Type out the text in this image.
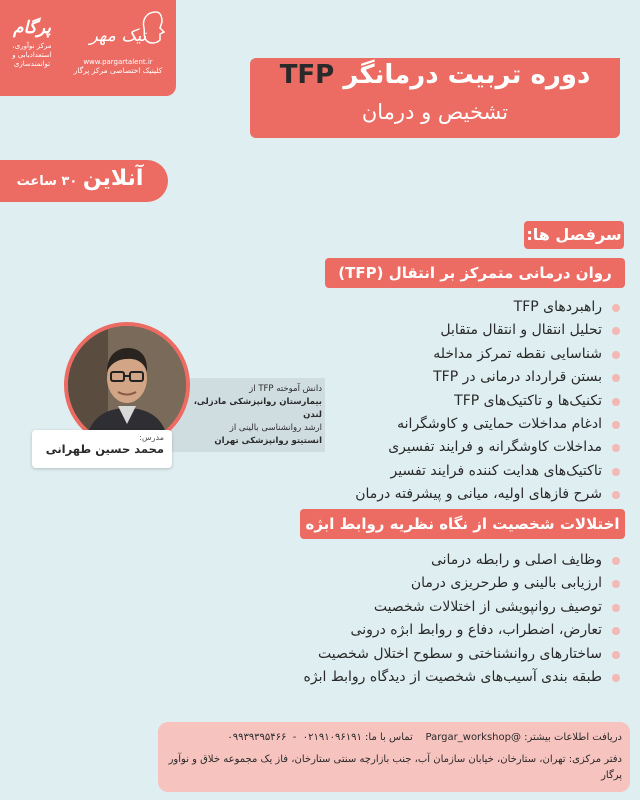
پرگام
مرکز نوآوری، استعدادیابی و توانمندسازی
نیک مهر
www.pargartalent.ir
کلینیک اختصاصی مرکز پرگار	دوره تربیت درمانگر TFP
تشخیص و درمان
آنلاین ۳۰ ساعت
سرفصل ها:
روان درمانی متمرکز بر انتقال (TFP)
راهبردهای TFP
تحلیل انتقال و انتقال متقابل
شناسایی نقطه تمرکز مداخله
بستن قرارداد درمانی در TFP
تکنیک‌ها و تاکتیک‌های TFP
ادغام مداخلات حمایتی و کاوشگرانه
مداخلات کاوشگرانه و فرایند تفسیری
تاکتیک‌های هدایت کننده فرایند تفسیر
شرح فازهای اولیه، میانی و پیشرفته درمان
اختلالات شخصیت از نگاه نظریه روابط ابژه
وظایف اصلی و رابطه درمانی
ارزیابی بالینی و طرحریزی درمان
توصیف روانپویشی از اختلالات شخصیت
تعارض، اضطراب، دفاع و روابط ابژه درونی
ساختارهای روانشناختی و سطوح اختلال شخصیت
طبقه بندی آسیب‌های شخصیت از دیدگاه روابط ابژه
دانش آموخته TFP از
بیمارستان روانپزشکی مادزلی، لندن
ارشد روانشناسی بالینی از
انستیتو روانپزشکی تهران
مدرس:
محمد حسین طهرانی
دریافت اطلاعات بیشتر: @Pargar_workshop    تماس با ما: ۰۲۱۹۱۰۹۶۱۹۱  -  ۰۹۹۳۹۳۹۵۴۶۶
دفتر مرکزی: تهران، ستارخان، خیابان سازمان آب، جنب بازارچه سنتی ستارخان، فاز یک مجموعه خلاق و نوآور پرگار
